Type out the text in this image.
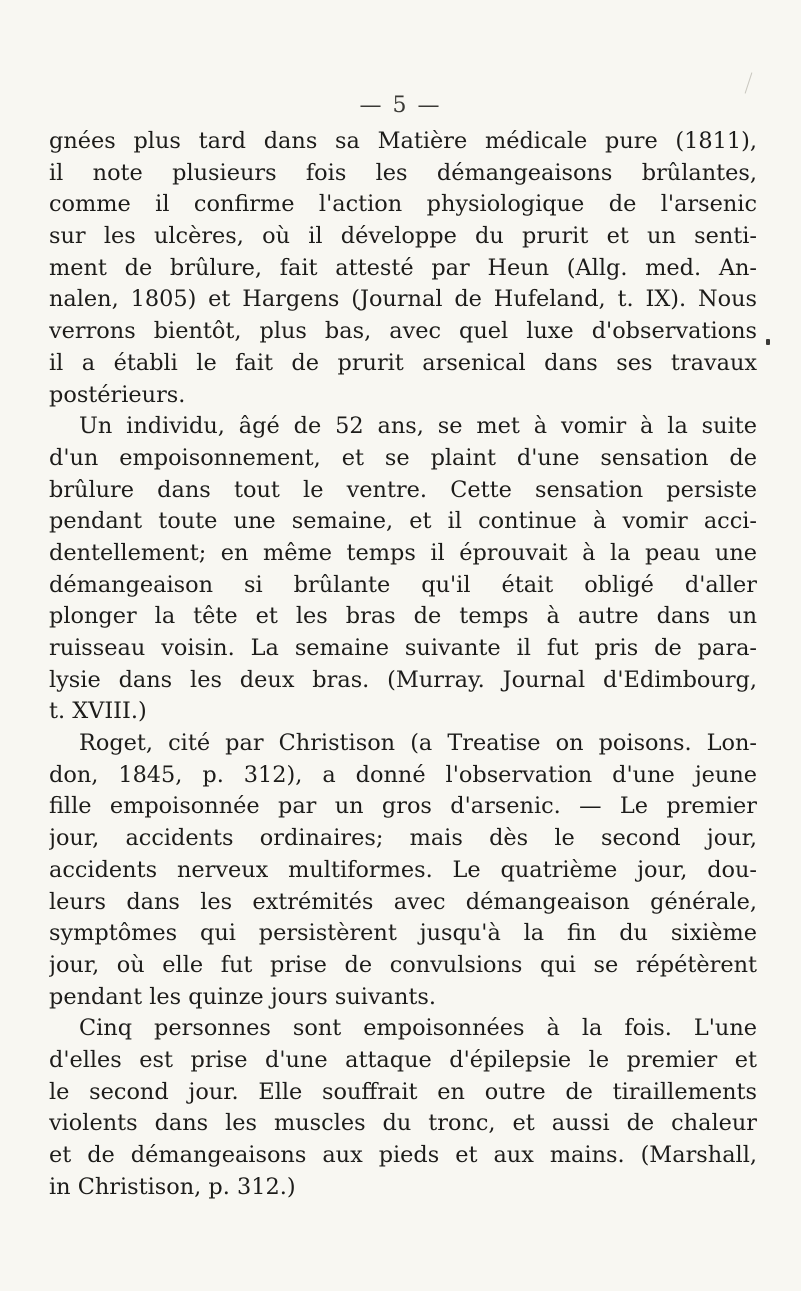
— 5 —
gnées plus tard dans sa Matière médicale pure (1811),
il note plusieurs fois les démangeaisons brûlantes,
comme il confirme l'action physiologique de l'arsenic
sur les ulcères, où il développe du prurit et un senti-
ment de brûlure, fait attesté par Heun (Allg. med. An-
nalen, 1805) et Hargens (Journal de Hufeland, t. IX). Nous
verrons bientôt, plus bas, avec quel luxe d'observations
il a établi le fait de prurit arsenical dans ses travaux
postérieurs.
Un individu, âgé de 52 ans, se met à vomir à la suite
d'un empoisonnement, et se plaint d'une sensation de
brûlure dans tout le ventre. Cette sensation persiste
pendant toute une semaine, et il continue à vomir acci-
dentellement; en même temps il éprouvait à la peau une
démangeaison si brûlante qu'il était obligé d'aller
plonger la tête et les bras de temps à autre dans un
ruisseau voisin. La semaine suivante il fut pris de para-
lysie dans les deux bras. (Murray. Journal d'Edimbourg,
t. XVIII.)
Roget, cité par Christison (a Treatise on poisons. Lon-
don, 1845, p. 312), a donné l'observation d'une jeune
fille empoisonnée par un gros d'arsenic. — Le premier
jour, accidents ordinaires; mais dès le second jour,
accidents nerveux multiformes. Le quatrième jour, dou-
leurs dans les extrémités avec démangeaison générale,
symptômes qui persistèrent jusqu'à la fin du sixième
jour, où elle fut prise de convulsions qui se répétèrent
pendant les quinze jours suivants.
Cinq personnes sont empoisonnées à la fois. L'une
d'elles est prise d'une attaque d'épilepsie le premier et
le second jour. Elle souffrait en outre de tiraillements
violents dans les muscles du tronc, et aussi de chaleur
et de démangeaisons aux pieds et aux mains. (Marshall,
in Christison, p. 312.)
